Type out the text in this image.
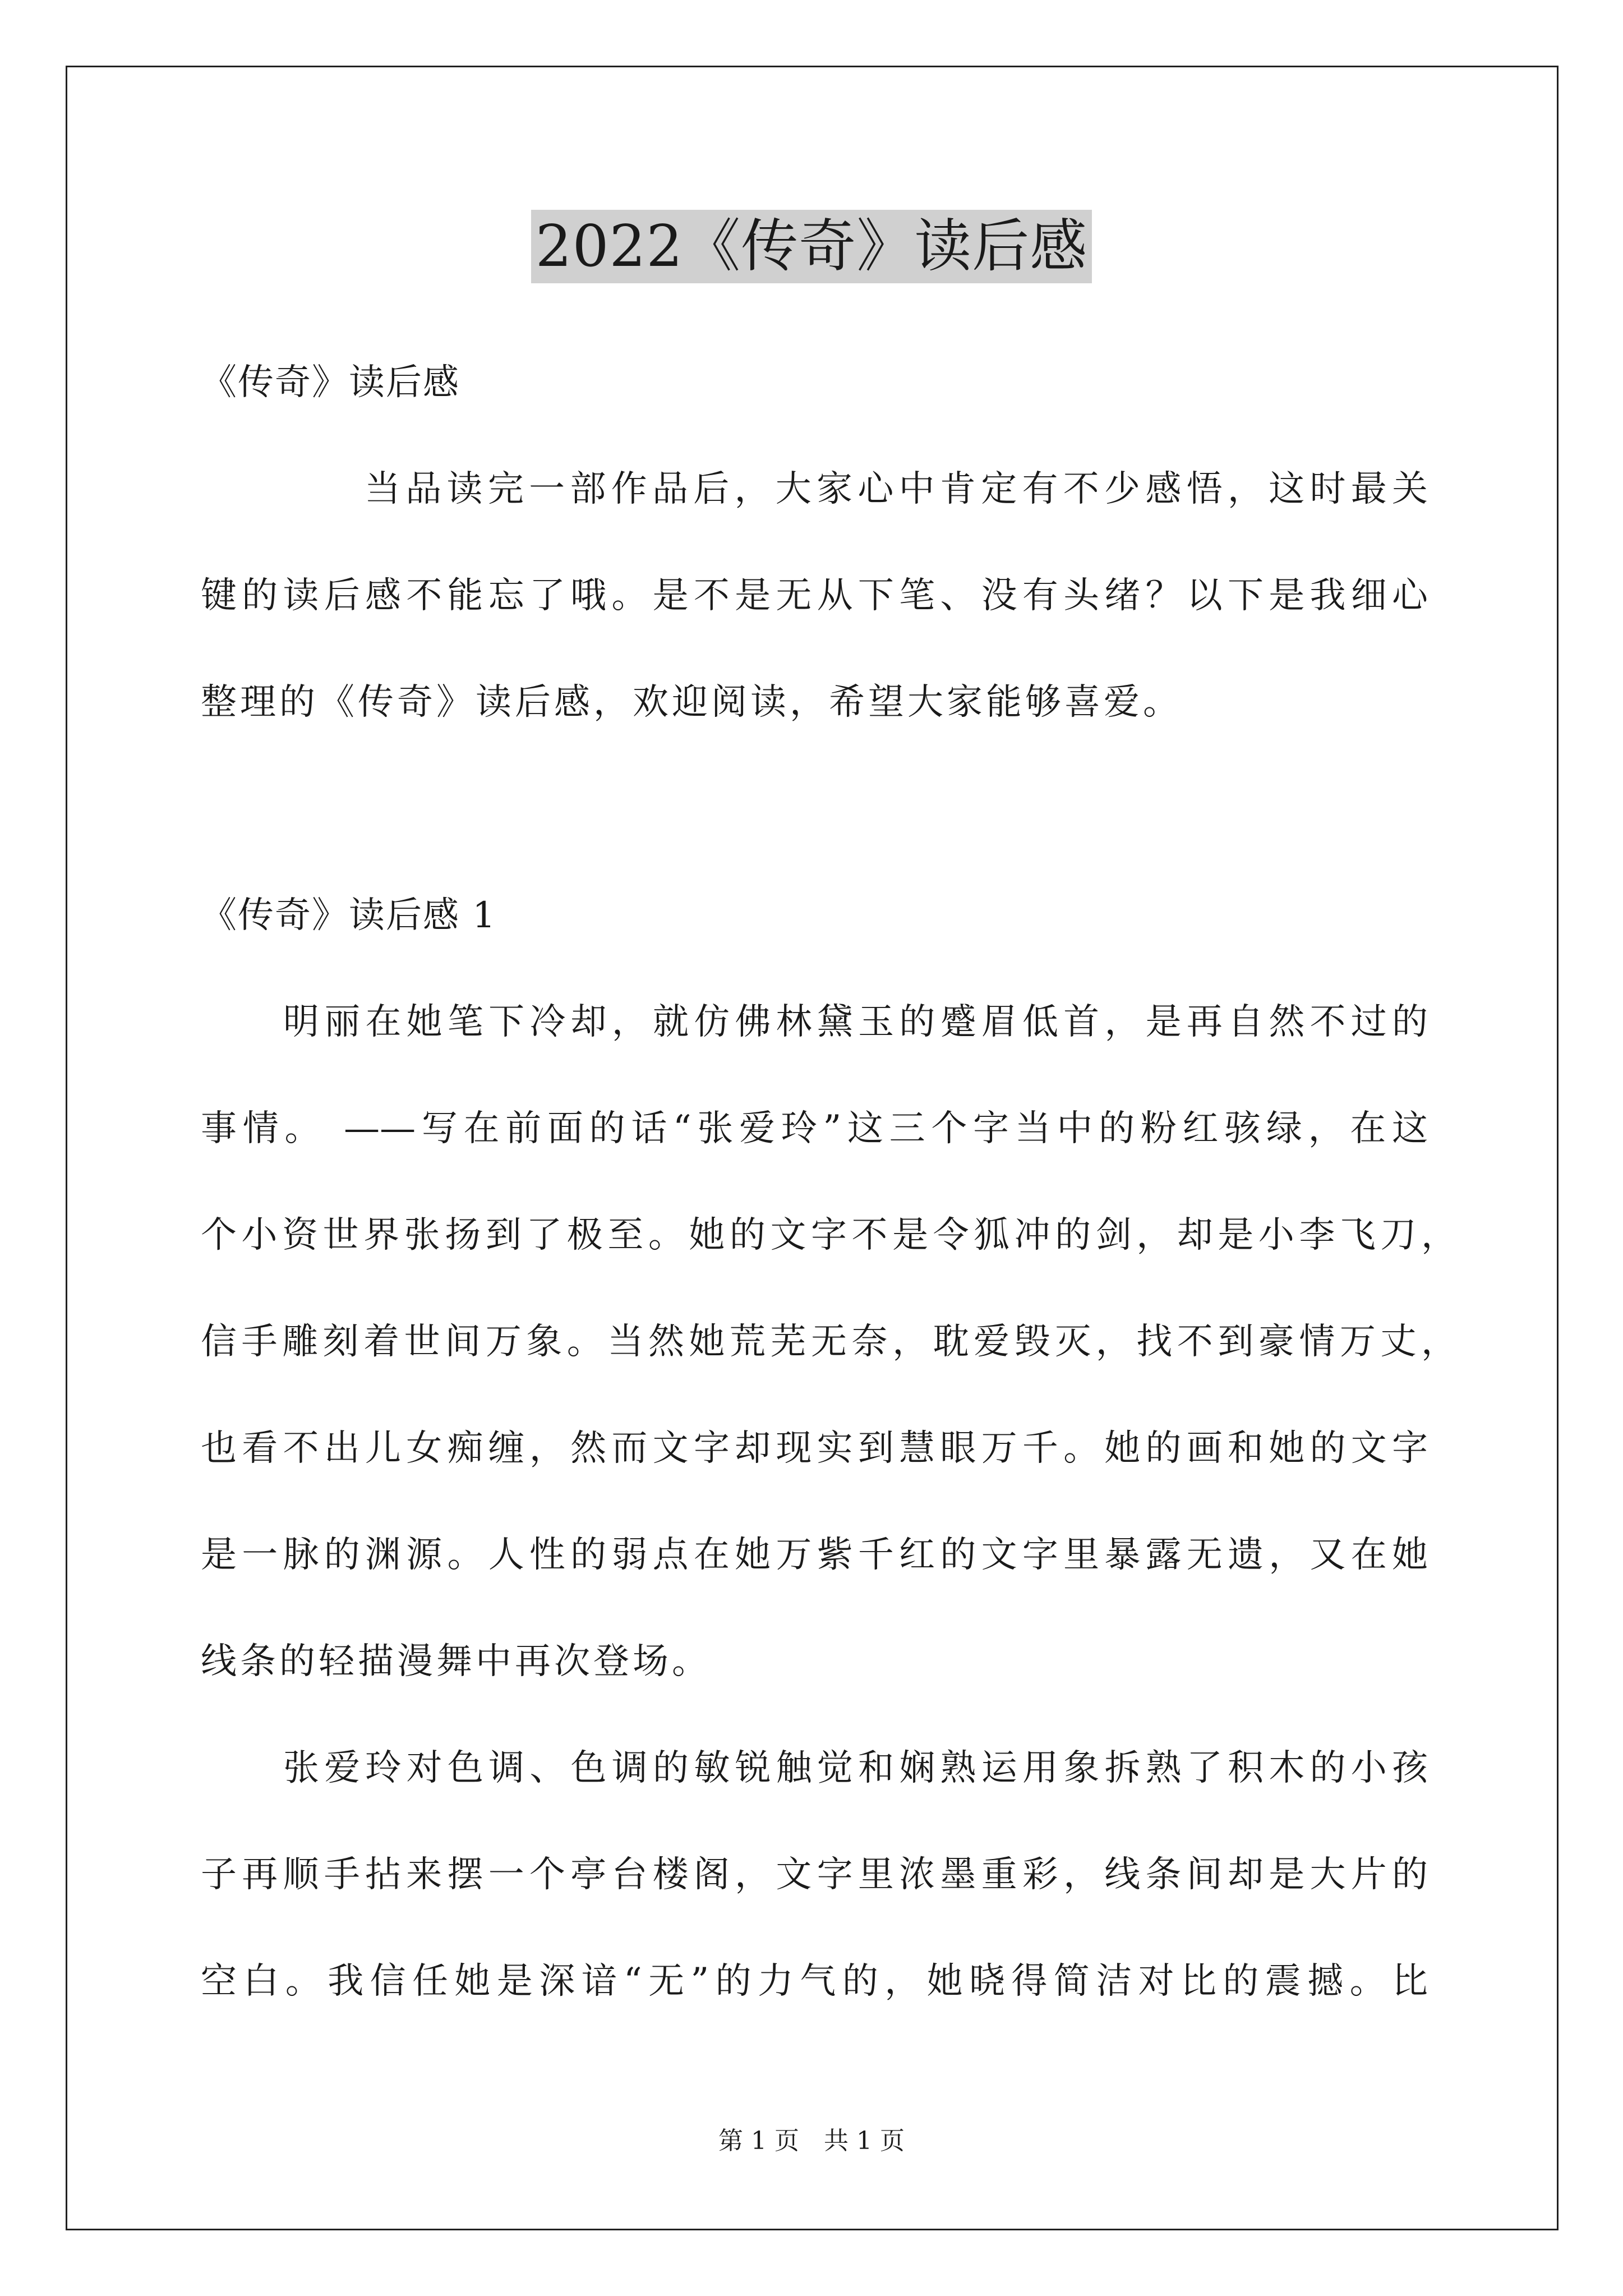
2022《传奇》读后感
《传奇》读后感
当品读完一部作品后，大家心中肯定有不少感悟，这时最关
键的读后感不能忘了哦。是不是无从下笔、没有头绪？以下是我细心
整理的《传奇》读后感，欢迎阅读，希望大家能够喜爱。
《传奇》读后感 1
明丽在她笔下冷却，就仿佛林黛玉的蹙眉低首，是再自然不过的
事情。 ——写在前面的话“张爱玲”这三个字当中的粉红骇绿，在这
个小资世界张扬到了极至。她的文字不是令狐冲的剑，却是小李飞刀，
信手雕刻着世间万象。当然她荒芜无奈，耽爱毁灭，找不到豪情万丈，
也看不出儿女痴缠，然而文字却现实到慧眼万千。她的画和她的文字
是一脉的渊源。人性的弱点在她万紫千红的文字里暴露无遗，又在她
线条的轻描漫舞中再次登场。
张爱玲对色调、色调的敏锐触觉和娴熟运用象拆熟了积木的小孩
子再顺手拈来摆一个亭台楼阁，文字里浓墨重彩，线条间却是大片的
空白。我信任她是深谙“无”的力气的，她晓得简洁对比的震撼。比
第 1 页　共 1 页
